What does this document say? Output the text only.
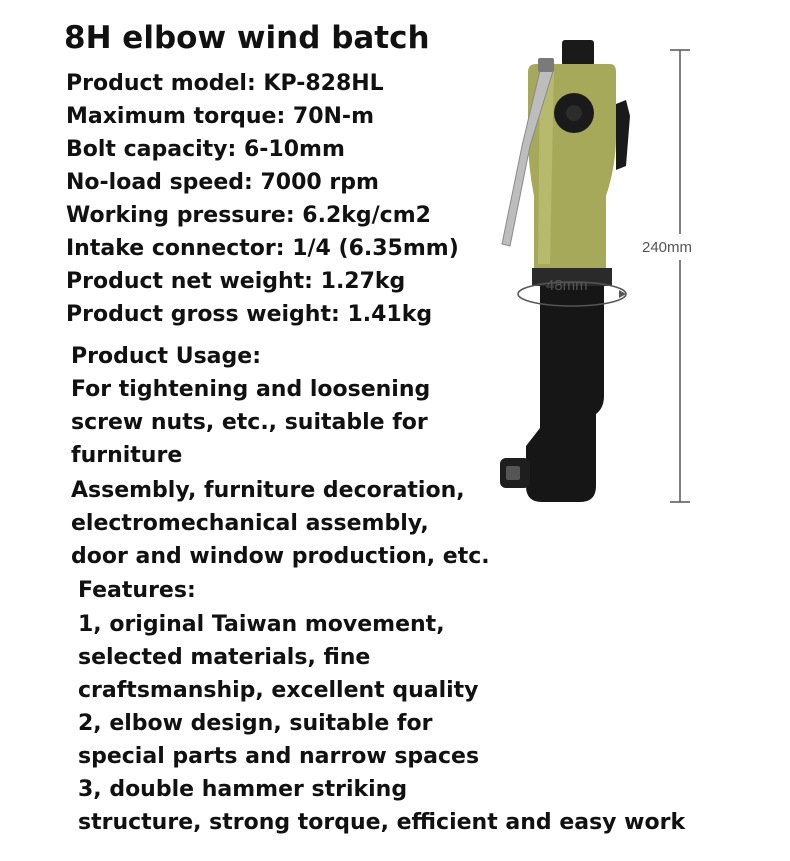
8H elbow wind batch
Product model: KP-828HL
Maximum torque: 70N-m
Bolt capacity: 6-10mm
No-load speed: 7000 rpm
Working pressure: 6.2kg/cm2
Intake connector: 1/4 (6.35mm)
Product net weight: 1.27kg
Product gross weight: 1.41kg
Product Usage:
For tightening and loosening
screw nuts, etc., suitable for
furniture
Assembly, furniture decoration,
electromechanical assembly,
door and window production, etc.
Features:
1, original Taiwan movement,
selected materials, fine
craftsmanship, excellent quality
2, elbow design, suitable for
special parts and narrow spaces
3, double hammer striking
structure, strong torque, efficient and easy work
48mm
240mm
